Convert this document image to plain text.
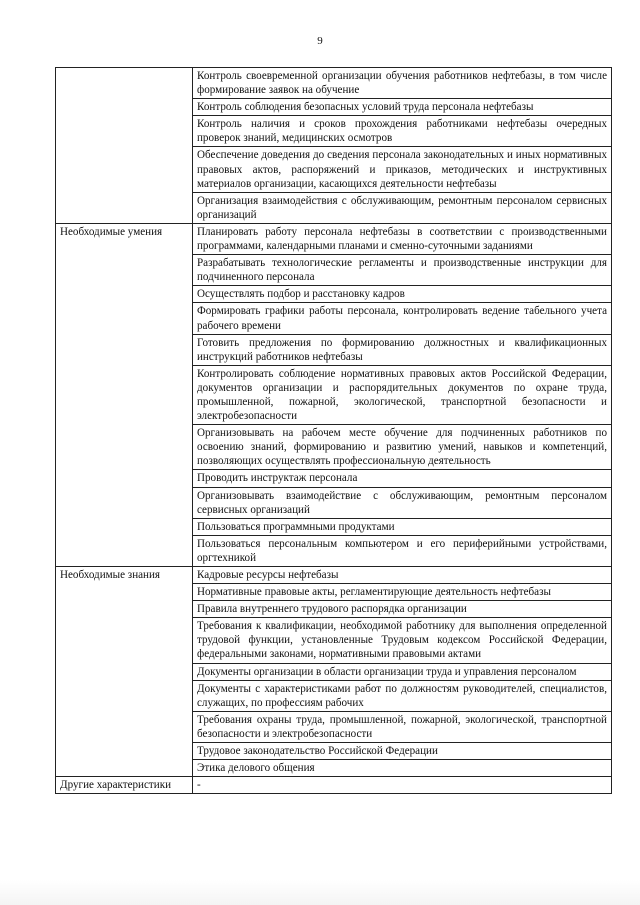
9
	Контроль своевременной организации обучения работников нефтебазы, в том числе формирование заявок на обучение
	Контроль соблюдения безопасных условий труда персонала нефтебазы
	Контроль наличия и сроков прохождения работниками нефтебазы очередных проверок знаний, медицинских осмотров
	Обеспечение доведения до сведения персонала законодательных и иных нормативных правовых актов, распоряжений и приказов, методических и инструктивных материалов организации, касающихся деятельности нефтебазы
	Организация взаимодействия с обслуживающим, ремонтным персоналом сервисных организаций
Необходимые умения	Планировать работу персонала нефтебазы в соответствии с производственными программами, календарными планами и сменно-суточными заданиями
	Разрабатывать технологические регламенты и производственные инструкции для подчиненного персонала
	Осуществлять подбор и расстановку кадров
	Формировать графики работы персонала, контролировать ведение табельного учета рабочего времени
	Готовить предложения по формированию должностных и квалификационных инструкций работников нефтебазы
	Контролировать соблюдение нормативных правовых актов Российской Федерации, документов организации и распорядительных документов по охране труда, промышленной, пожарной, экологической, транспортной безопасности и электробезопасности
	Организовывать на рабочем месте обучение для подчиненных работников по освоению знаний, формированию и развитию умений, навыков и компетенций, позволяющих осуществлять профессиональную деятельность
	Проводить инструктаж персонала
	Организовывать взаимодействие с обслуживающим, ремонтным персоналом сервисных организаций
	Пользоваться программными продуктами
	Пользоваться персональным компьютером и его периферийными устройствами, оргтехникой
Необходимые знания	Кадровые ресурсы нефтебазы
	Нормативные правовые акты, регламентирующие деятельность нефтебазы
	Правила внутреннего трудового распорядка организации
	Требования к квалификации, необходимой работнику для выполнения определенной трудовой функции, установленные Трудовым кодексом Российской Федерации, федеральными законами, нормативными правовыми актами
	Документы организации в области организации труда и управления персоналом
	Документы с характеристиками работ по должностям руководителей, специалистов, служащих, по профессиям рабочих
	Требования охраны труда, промышленной, пожарной, экологической, транспортной безопасности и электробезопасности
	Трудовое законодательство Российской Федерации
	Этика делового общения
Другие характеристики	-
